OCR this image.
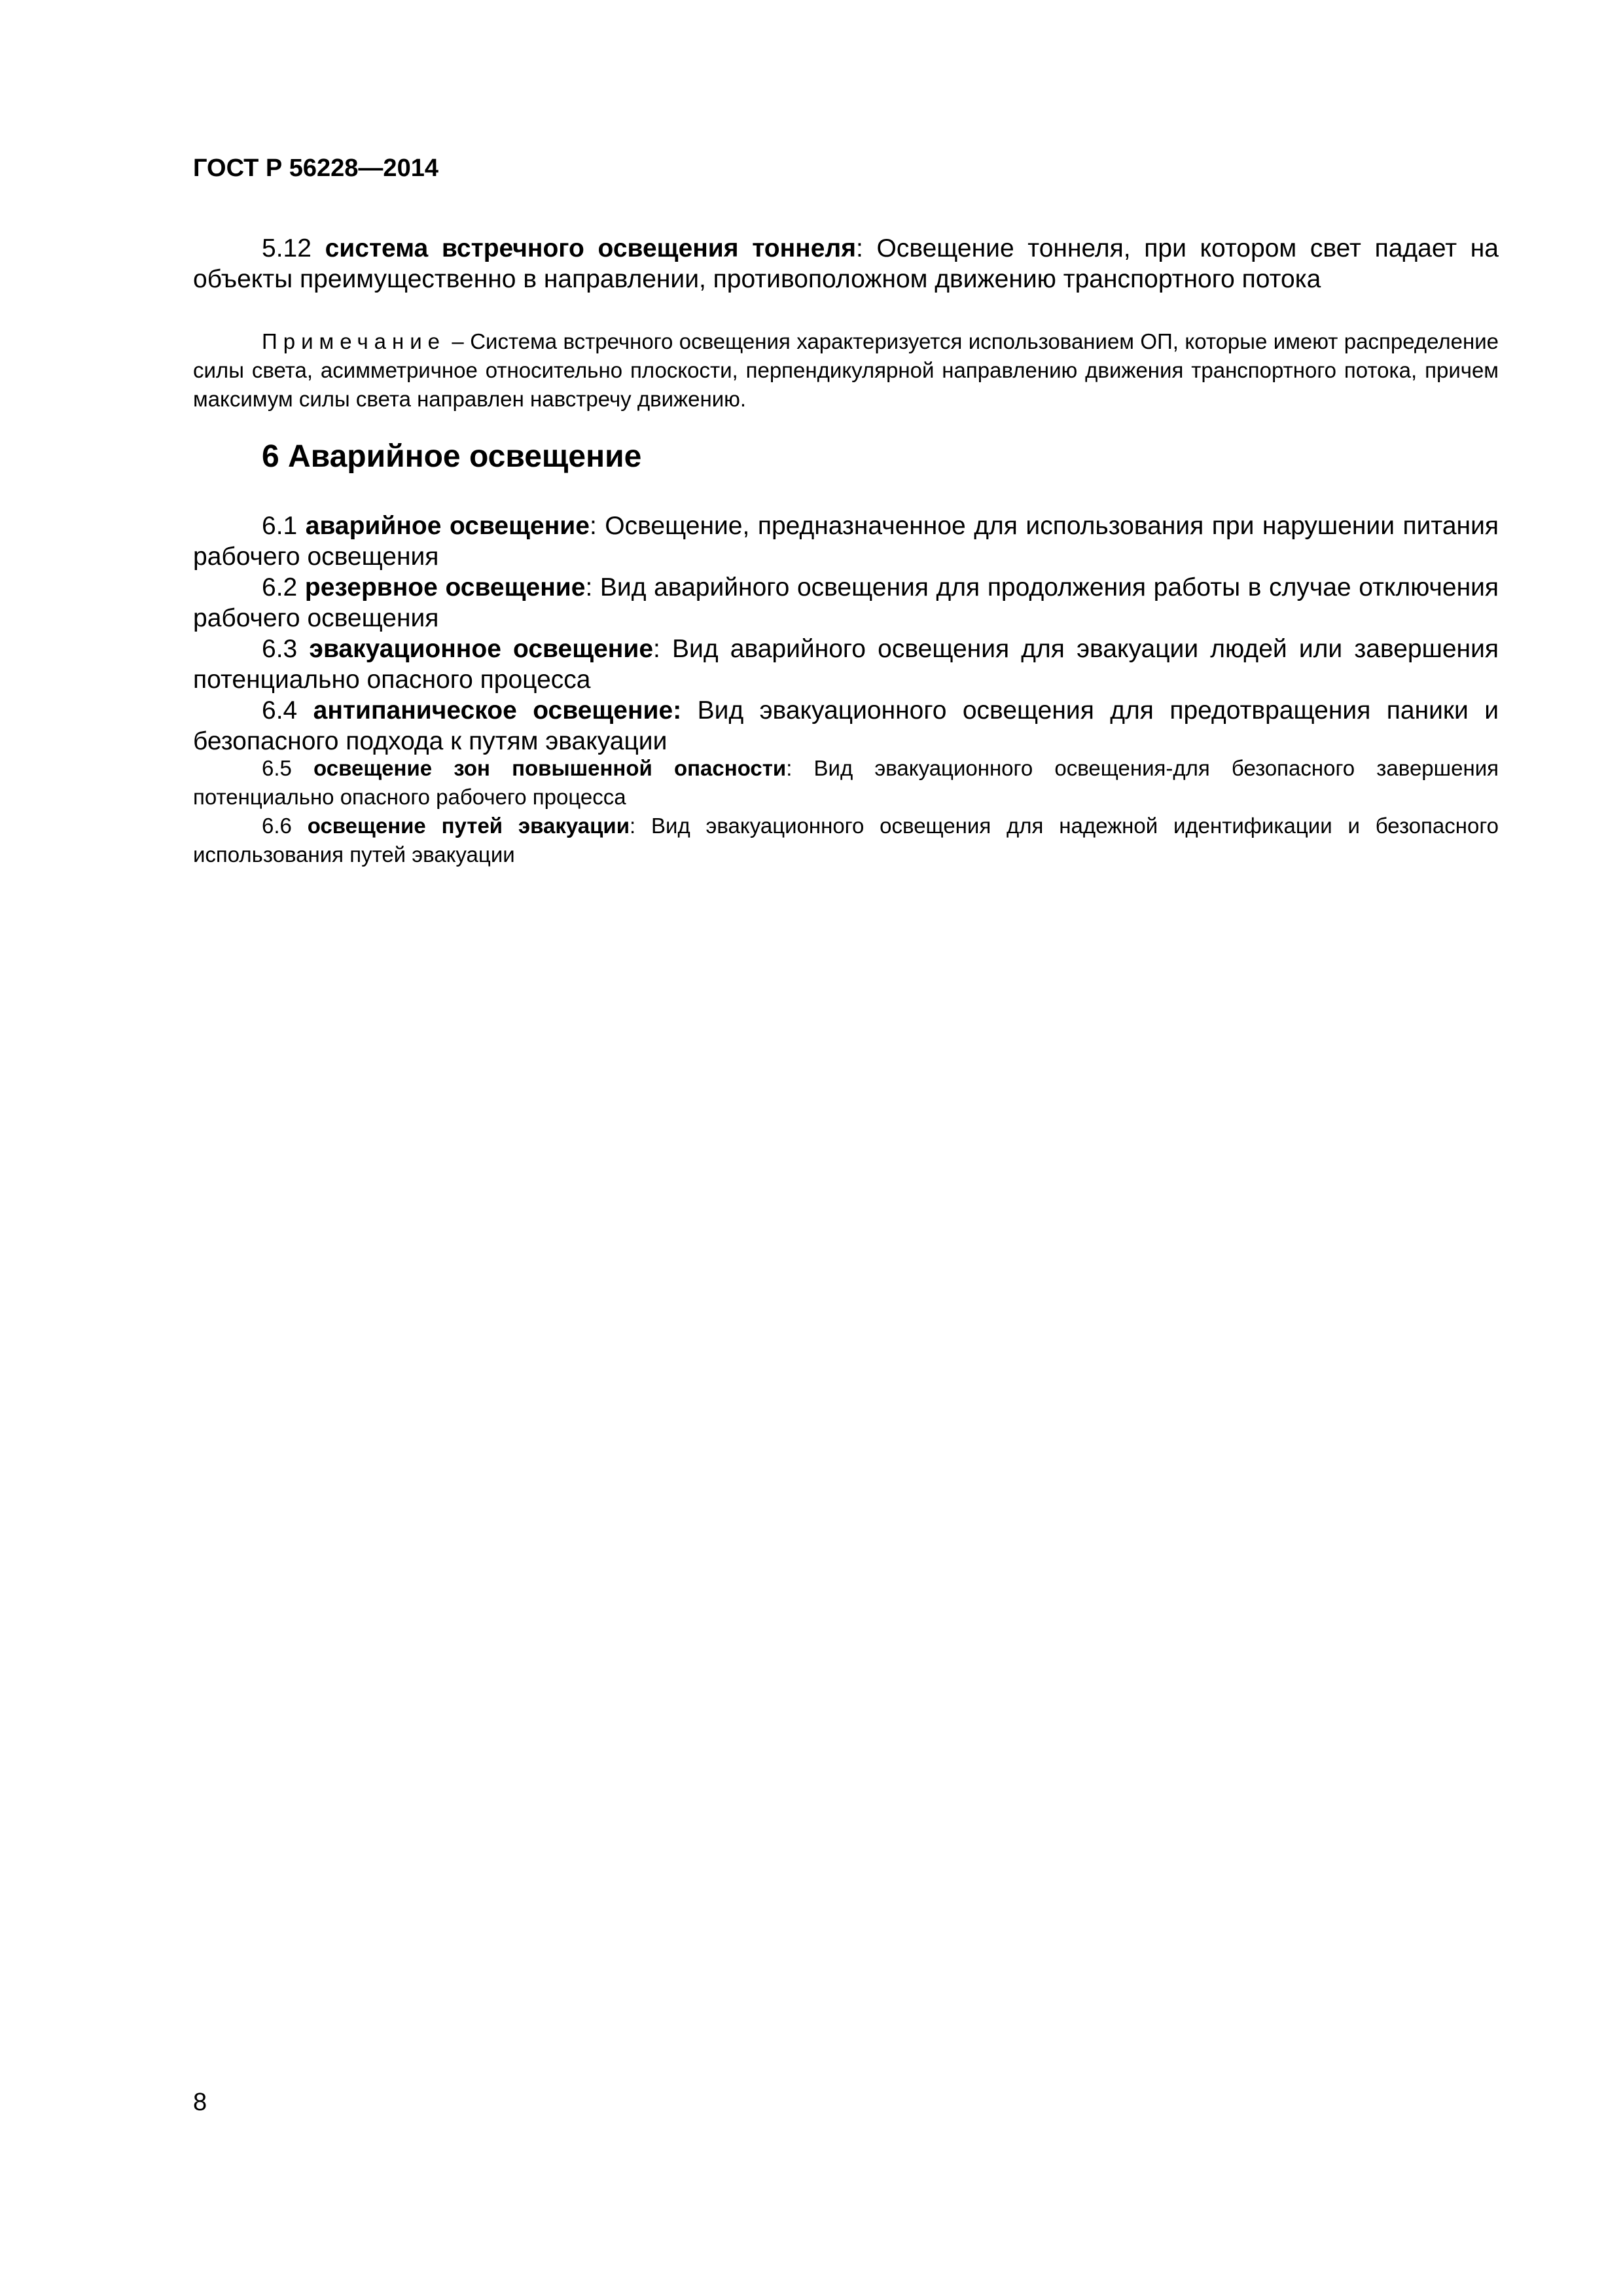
ГОСТ Р 56228—2014

5.12 система встречного освещения тоннеля: Освещение тоннеля, при котором свет падает на объекты преимущественно в направлении, противоположном движению транспортного потока

Примечание – Система встречного освещения характеризуется использованием ОП, которые имеют распределение силы света, асимметричное относительно плоскости, перпендикулярной направлению движения транспортного потока, причем максимум силы света направлен навстречу движению.

6 Аварийное освещение

6.1 аварийное освещение: Освещение, предназначенное для использования при нарушении питания рабочего освещения

6.2 резервное освещение: Вид аварийного освещения для продолжения работы в случае отключения рабочего освещения

6.3 эвакуационное освещение: Вид аварийного освещения для эвакуации людей или завершения потенциально опасного процесса

6.4 антипаническое освещение: Вид эвакуационного освещения для предотвращения паники и безопасного подхода к путям эвакуации

6.5 освещение зон повышенной опасности: Вид эвакуационного освещения-для безопасного завершения потенциально опасного рабочего процесса

6.6 освещение путей эвакуации: Вид эвакуационного освещения для надежной идентификации и безопасного использования путей эвакуации

8
